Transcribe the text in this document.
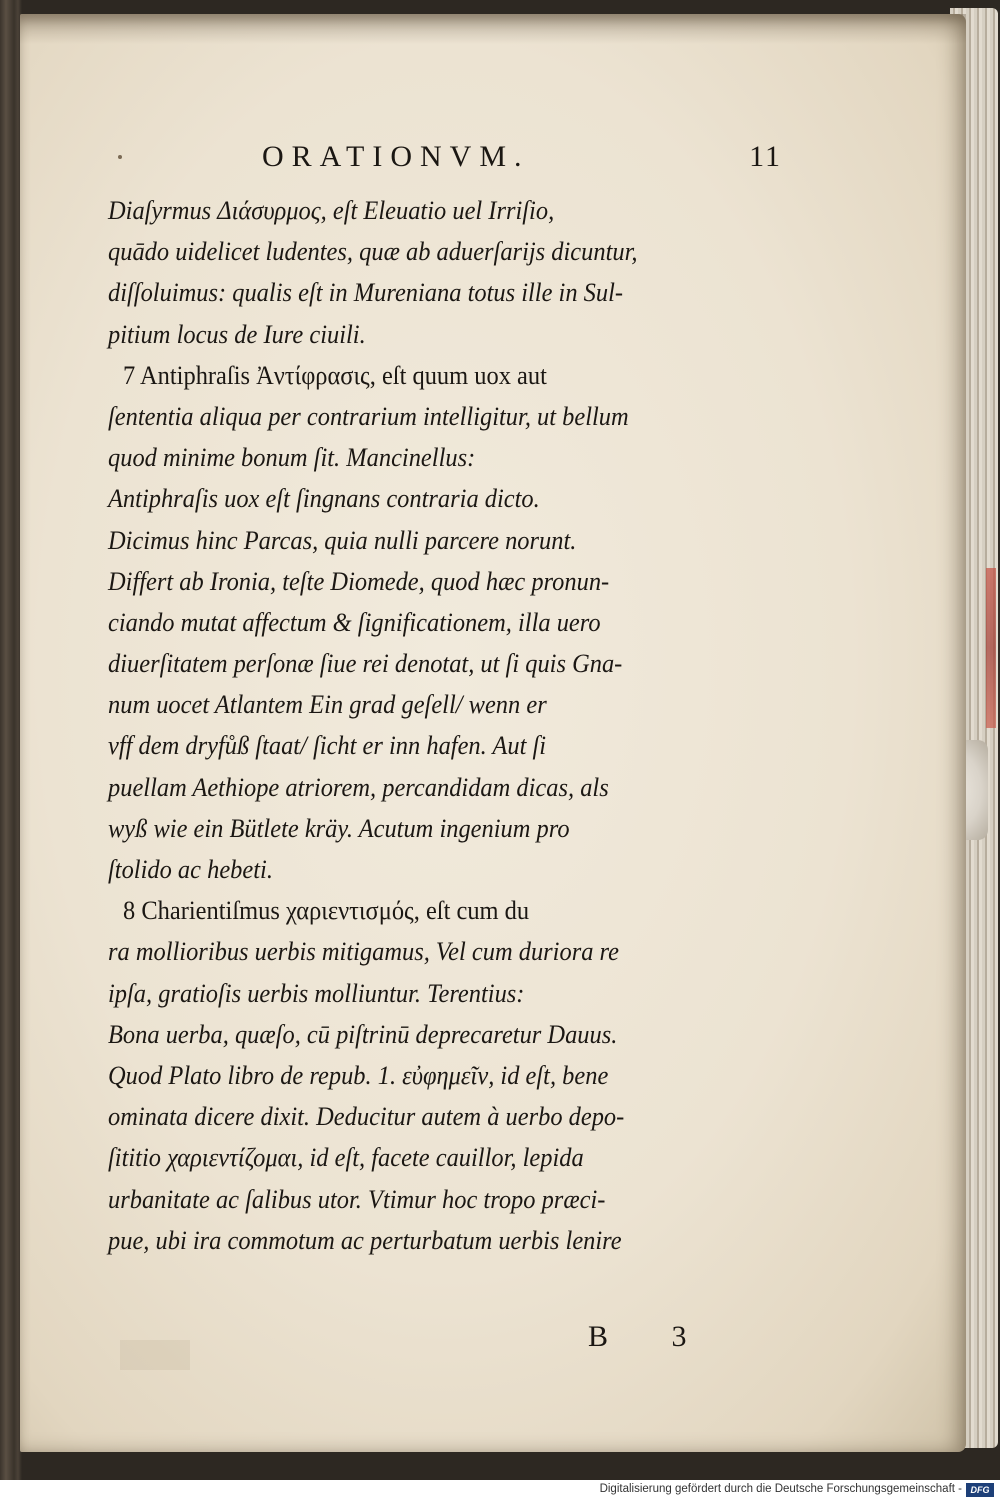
ORATIONVM.	11
Diaſyrmus Διάσυρμος, eſt Eleuatio uel Irriſio,
quādo uidelicet ludentes, quæ ab aduerſarijs dicuntur,
diſſoluimus: qualis eſt in Mureniana totus ille in Sul-
pitium locus de Iure ciuili.
7 Antiphraſis Ἀντίφρασις, eſt quum uox aut
ſententia aliqua per contrarium intelligitur, ut bellum
quod minime bonum ſit. Mancinellus:
Antiphraſis uox eſt ſingnans contraria dicto.
Dicimus hinc Parcas, quia nulli parcere norunt.
Differt ab Ironia, teſte Diomede, quod hæc pronun-
ciando mutat affectum & ſignificationem, illa uero
diuerſitatem perſonæ ſiue rei denotat, ut ſi quis Gna-
num uocet Atlantem Ein grad geſell/ wenn er
vff dem dryfůß ſtaat/ ſicht er inn hafen. Aut ſi
puellam Aethiope atriorem, percandidam dicas, als
wyß wie ein Bütlete kräy. Acutum ingenium pro
ſtolido ac hebeti.
8 Charientiſmus χαριεντισμός, eſt cum du
ra mollioribus uerbis mitigamus, Vel cum duriora re
ipſa, gratioſis uerbis molliuntur. Terentius:
Bona uerba, quæſo, cū piſtrinū deprecaretur Dauus.
Quod Plato libro de repub. 1. εὐφημεῖν, id eſt, bene
ominata dicere dixit. Deducitur autem à uerbo depo-
ſititio χαριεντίζομαι, id eſt, facete cauillor, lepida
urbanitate ac ſalibus utor. Vtimur hoc tropo præci-
pue, ubi ira commotum ac perturbatum uerbis lenire
B 3
Digitalisierung gefördert durch die Deutsche Forschungsgemeinschaft - DFG
